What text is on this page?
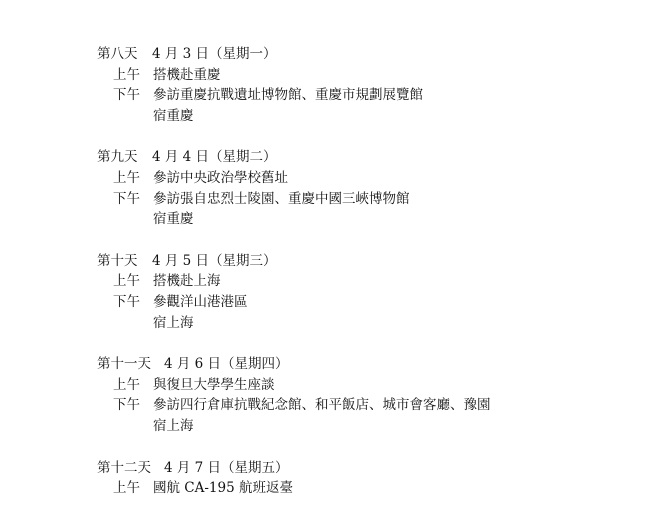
第八天 4 月 3 日（星期一）
上午 搭機赴重慶
下午 參訪重慶抗戰遺址博物館、重慶市規劃展覽館
宿重慶
第九天 4 月 4 日（星期二）
上午 參訪中央政治學校舊址
下午 參訪張自忠烈士陵園、重慶中國三峽博物館
宿重慶
第十天 4 月 5 日（星期三）
上午 搭機赴上海
下午 參觀洋山港港區
宿上海
第十一天 4 月 6 日（星期四）
上午 與復旦大學學生座談
下午 參訪四行倉庫抗戰紀念館、和平飯店、城市會客廳、豫園
宿上海
第十二天 4 月 7 日（星期五）
上午 國航 CA-195 航班返臺
